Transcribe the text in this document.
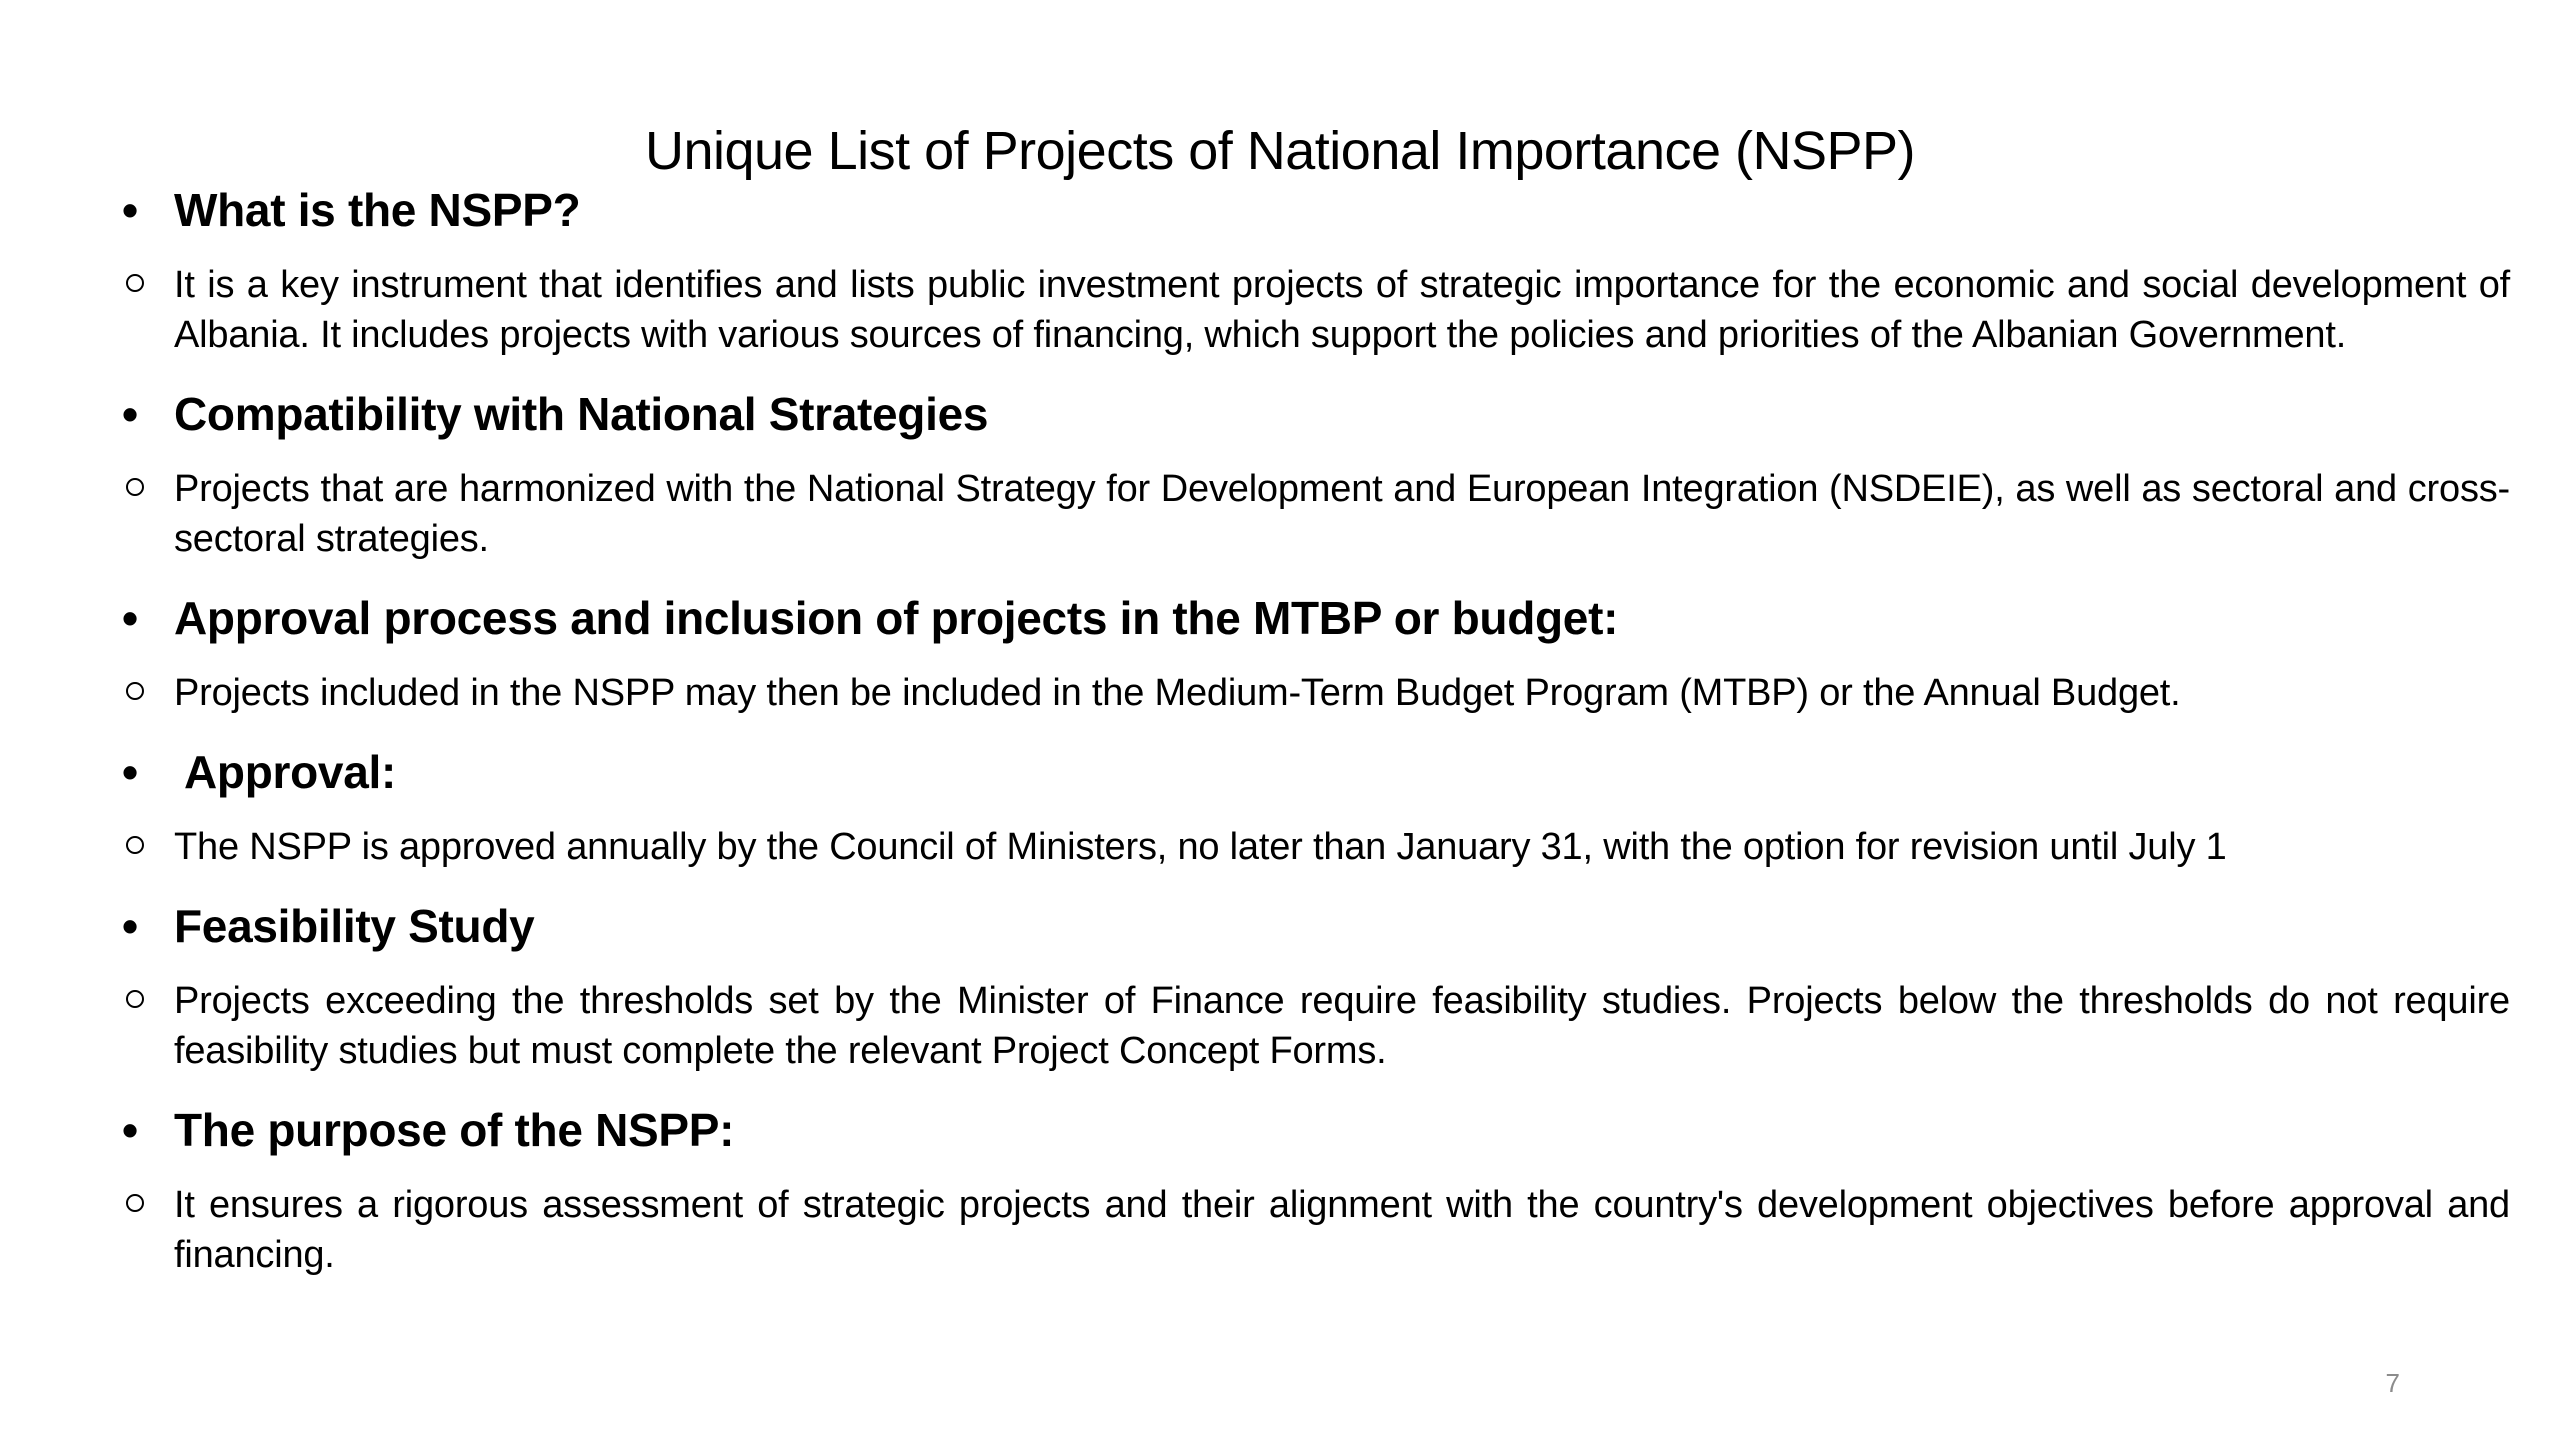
Unique List of Projects of National Importance (NSPP)
• What is the NSPP?

It is a key instrument that identifies and lists public investment projects of strategic importance for the economic and social development of Albania. It includes projects with various sources of financing, which support the policies and priorities of the Albanian Government.

• Compatibility with National Strategies

Projects that are harmonized with the National Strategy for Development and European Integration (NSDEIE), as well as sectoral and cross-sectoral strategies.

• Approval process and inclusion of projects in the MTBP or budget:

Projects included in the NSPP may then be included in the Medium-Term Budget Program (MTBP) or the Annual Budget.

•	Approval:

The NSPP is approved annually by the Council of Ministers, no later than January 31, with the option for revision until July 1

• Feasibility Study

Projects exceeding the thresholds set by the Minister of Finance require feasibility studies. Projects below the thresholds do not require feasibility studies but must complete the relevant Project Concept Forms.

• The purpose of the NSPP:

It ensures a rigorous assessment of strategic projects and their alignment with the country's development objectives before approval and financing.

7
